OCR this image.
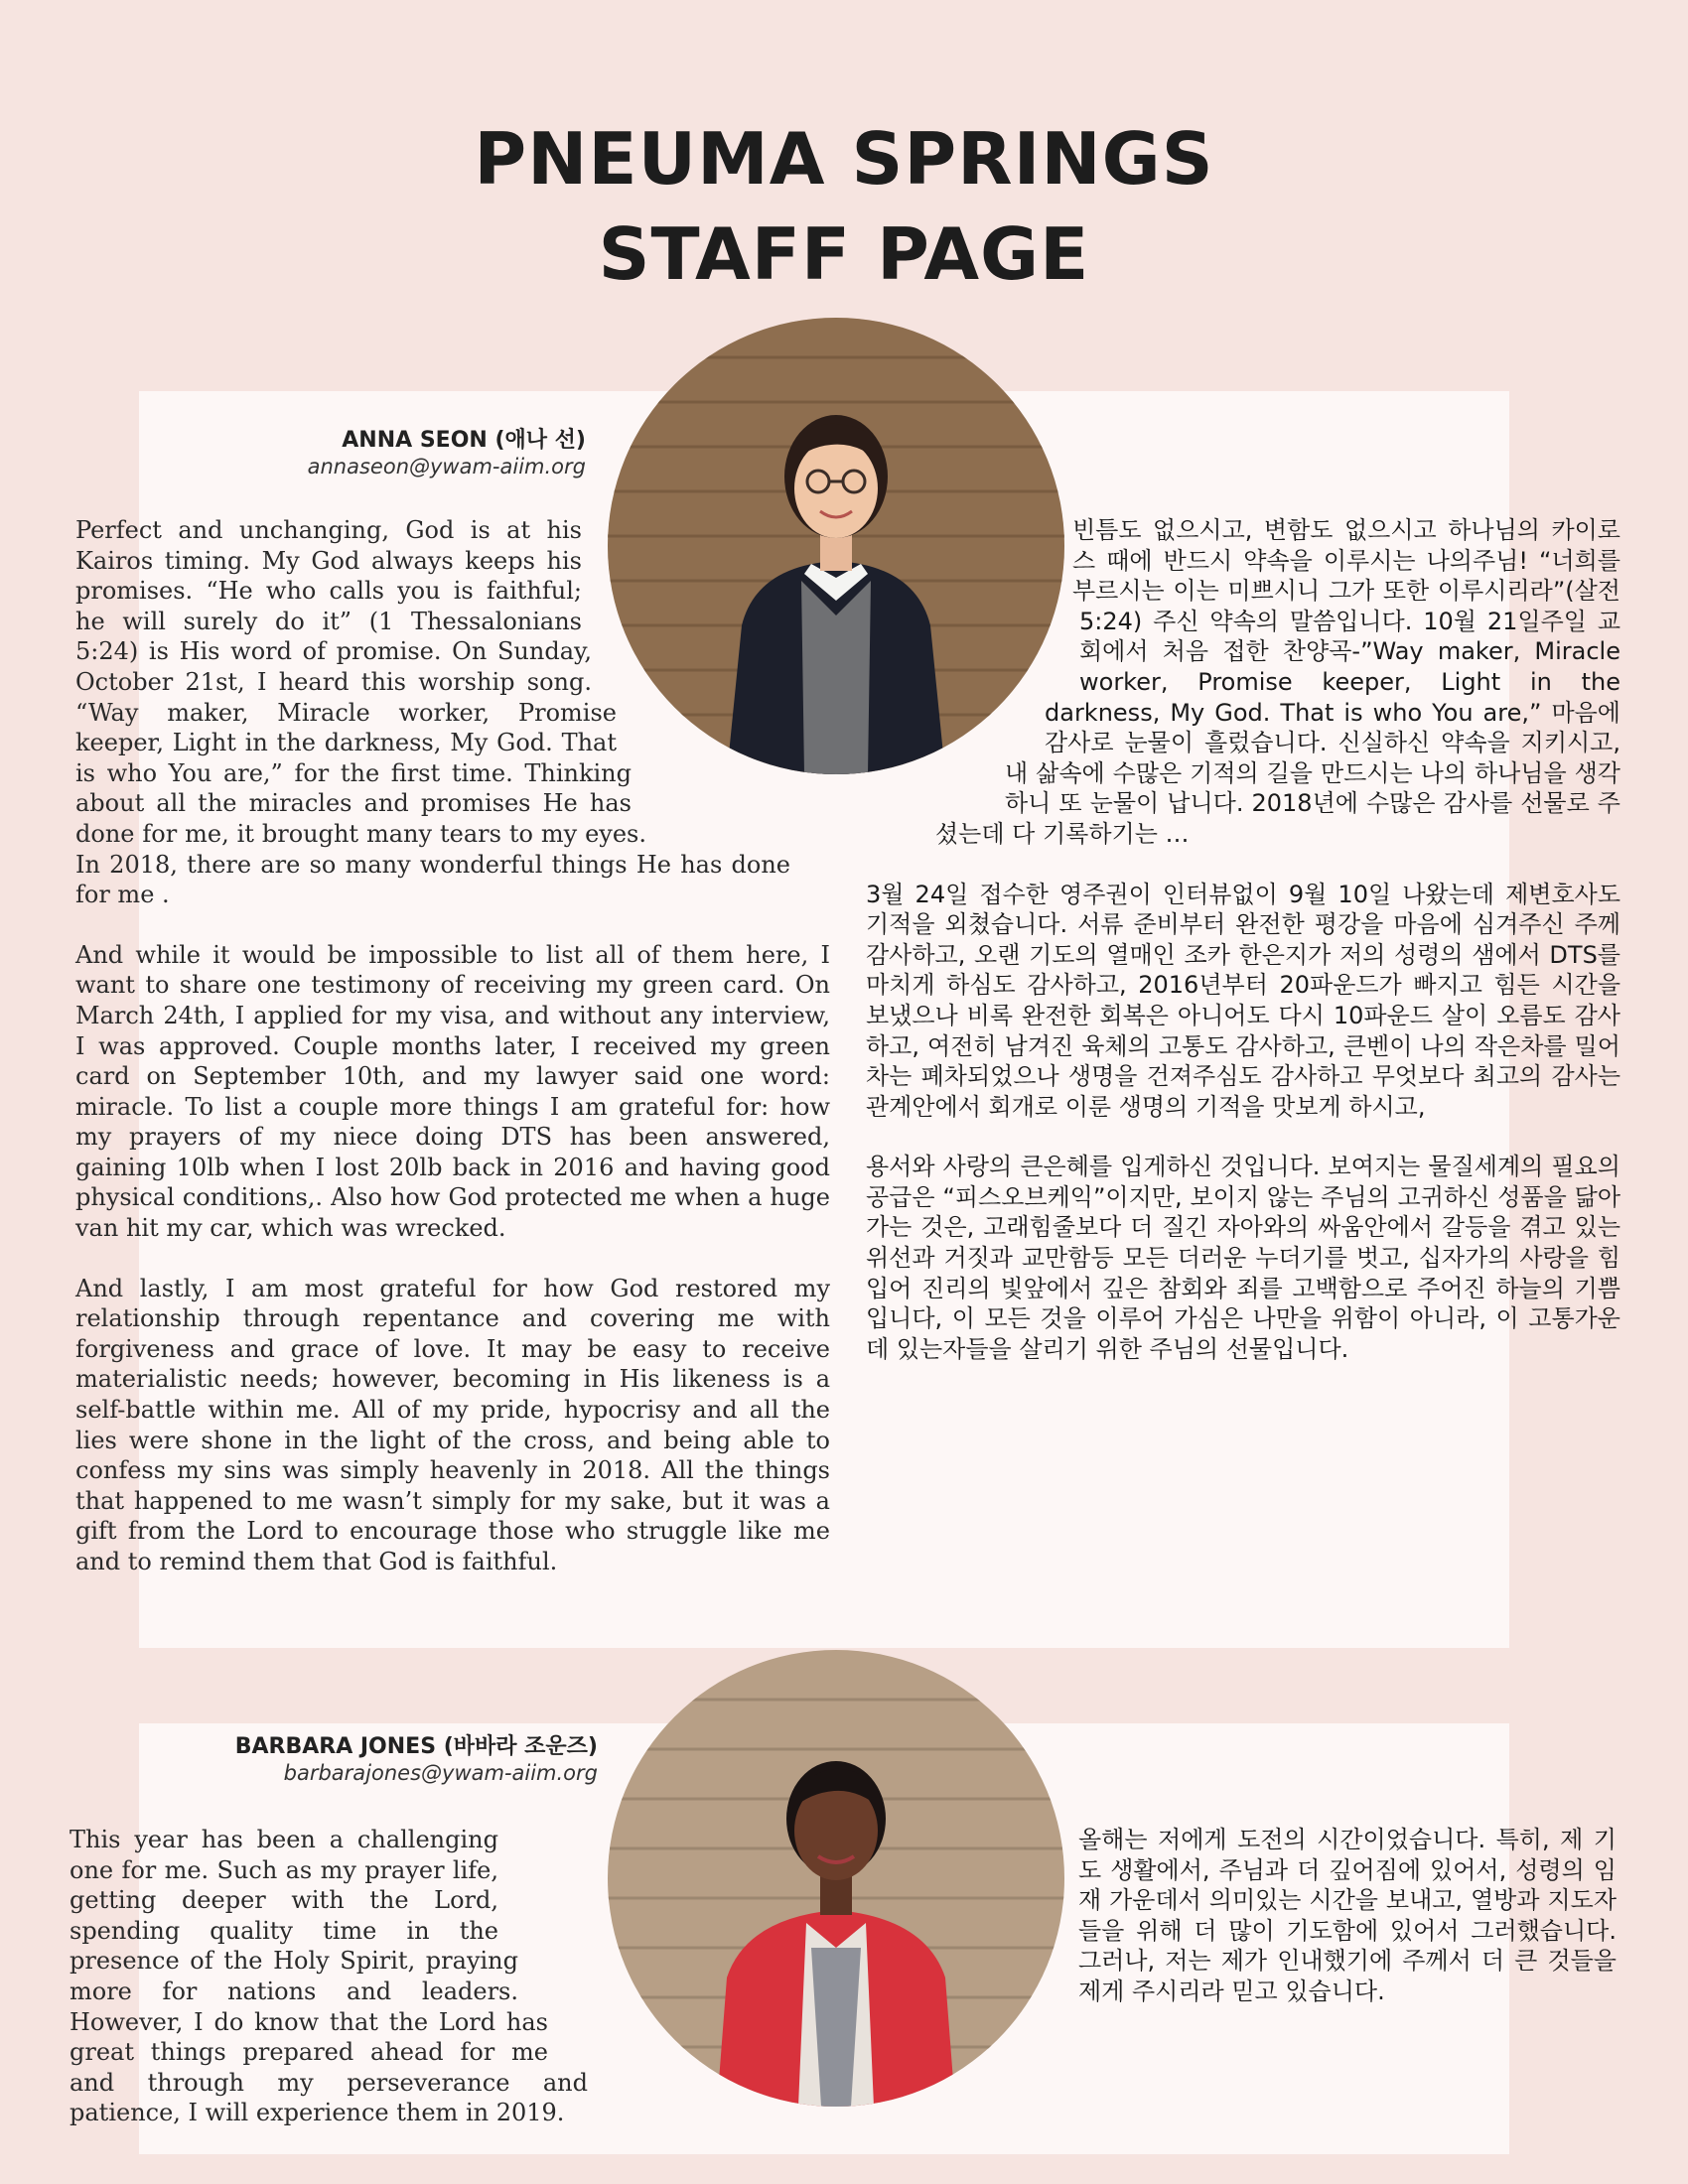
PNEUMA SPRINGS
STAFF PAGE
ANNA SEON (애나 선)
annaseon@ywam-aiim.org

Perfect and unchanging, God is at his Kairos timing. My God always keeps his promises. “He who calls you is faithful; he will surely do it” (1 Thessalonians 5:24) is His word of promise. On Sunday, October 21st, I heard this worship song. “Way maker, Miracle worker, Promise keeper, Light in the darkness, My God. That is who You are,” for the first time. Thinking about all the miracles and promises He has done for me, it brought many tears to my eyes. In 2018, there are so many wonderful things He has done for me .

And while it would be impossible to list all of them here, I want to share one testimony of receiving my green card. On March 24th, I applied for my visa, and without any interview, I was approved. Couple months later, I received my green card on September 10th, and my lawyer said one word: miracle. To list a couple more things I am grateful for: how my prayers of my niece doing DTS has been answered, gaining 10lb when I lost 20lb back in 2016 and having good physical conditions,. Also how God protected me when a huge van hit my car, which was wrecked.

And lastly, I am most grateful for how God restored my relationship through repentance and covering me with forgiveness and grace of love. It may be easy to receive materialistic needs; however, becoming in His likeness is a self-battle within me. All of my pride, hypocrisy and all the lies were shone in the light of the cross, and being able to confess my sins was simply heavenly in 2018. All the things that happened to me wasn’t simply for my sake, but it was a gift from the Lord to encourage those who struggle like me and to remind them that God is faithful.

빈틈도 없으시고, 변함도 없으시고 하나님의 카이로스 때에 반드시 약속을 이루시는 나의주님! “너희를 부르시는 이는 미쁘시니 그가 또한 이루시리라”(살전 5:24) 주신 약속의 말씀입니다. 10월 21일주일 교회에서 처음 접한 찬양곡-”Way maker, Miracle worker, Promise keeper, Light in the darkness, My God. That is who You are,” 마음에 감사로 눈물이 흘렀습니다. 신실하신 약속을 지키시고, 내 삶속에 수많은 기적의 길을 만드시는 나의 하나님을 생각하니 또 눈물이 납니다. 2018년에 수많은 감사를 선물로 주셨는데 다 기록하기는 …

3월 24일 접수한 영주권이 인터뷰없이 9월 10일 나왔는데 제변호사도 기적을 외쳤습니다. 서류 준비부터 완전한 평강을 마음에 심겨주신 주께 감사하고, 오랜 기도의 열매인 조카 한은지가 저의 성령의 샘에서 DTS를 마치게 하심도 감사하고, 2016년부터 20파운드가 빠지고 힘든 시간을 보냈으나 비록 완전한 회복은 아니어도 다시 10파운드 살이 오름도 감사하고, 여전히 남겨진 육체의 고통도 감사하고, 큰벤이 나의 작은차를 밀어 차는 폐차되었으나 생명을 건져주심도 감사하고 무엇보다 최고의 감사는 관계안에서 회개로 이룬 생명의 기적을 맛보게 하시고,

용서와 사랑의 큰은혜를 입게하신 것입니다. 보여지는 물질세계의 필요의 공급은 “피스오브케익”이지만, 보이지 않는 주님의 고귀하신 성품을 닮아 가는 것은, 고래힘줄보다 더 질긴 자아와의 싸움안에서 갈등을 겪고 있는 위선과 거짓과 교만함등 모든 더러운 누더기를 벗고, 십자가의 사랑을 힘입어 진리의 빛앞에서 깊은 참회와 죄를 고백함으로 주어진 하늘의 기쁨입니다, 이 모든 것을 이루어 가심은 나만을 위함이 아니라, 이 고통가운데 있는자들을 살리기 위한 주님의 선물입니다.

BARBARA JONES (바바라 조운즈)
barbarajones@ywam-aiim.org

This year has been a challenging one for me. Such as my prayer life, getting deeper with the Lord, spending quality time in the presence of the Holy Spirit, praying more for nations and leaders. However, I do know that the Lord has great things prepared ahead for me and through my perseverance and patience, I will experience them in 2019.

올해는 저에게 도전의 시간이었습니다. 특히, 제 기도 생활에서, 주님과 더 깊어짐에 있어서, 성령의 임재 가운데서 의미있는 시간을 보내고, 열방과 지도자들을 위해 더 많이 기도함에 있어서 그러했습니다. 그러나, 저는 제가 인내했기에 주께서 더 큰 것들을 제게 주시리라 믿고 있습니다.
